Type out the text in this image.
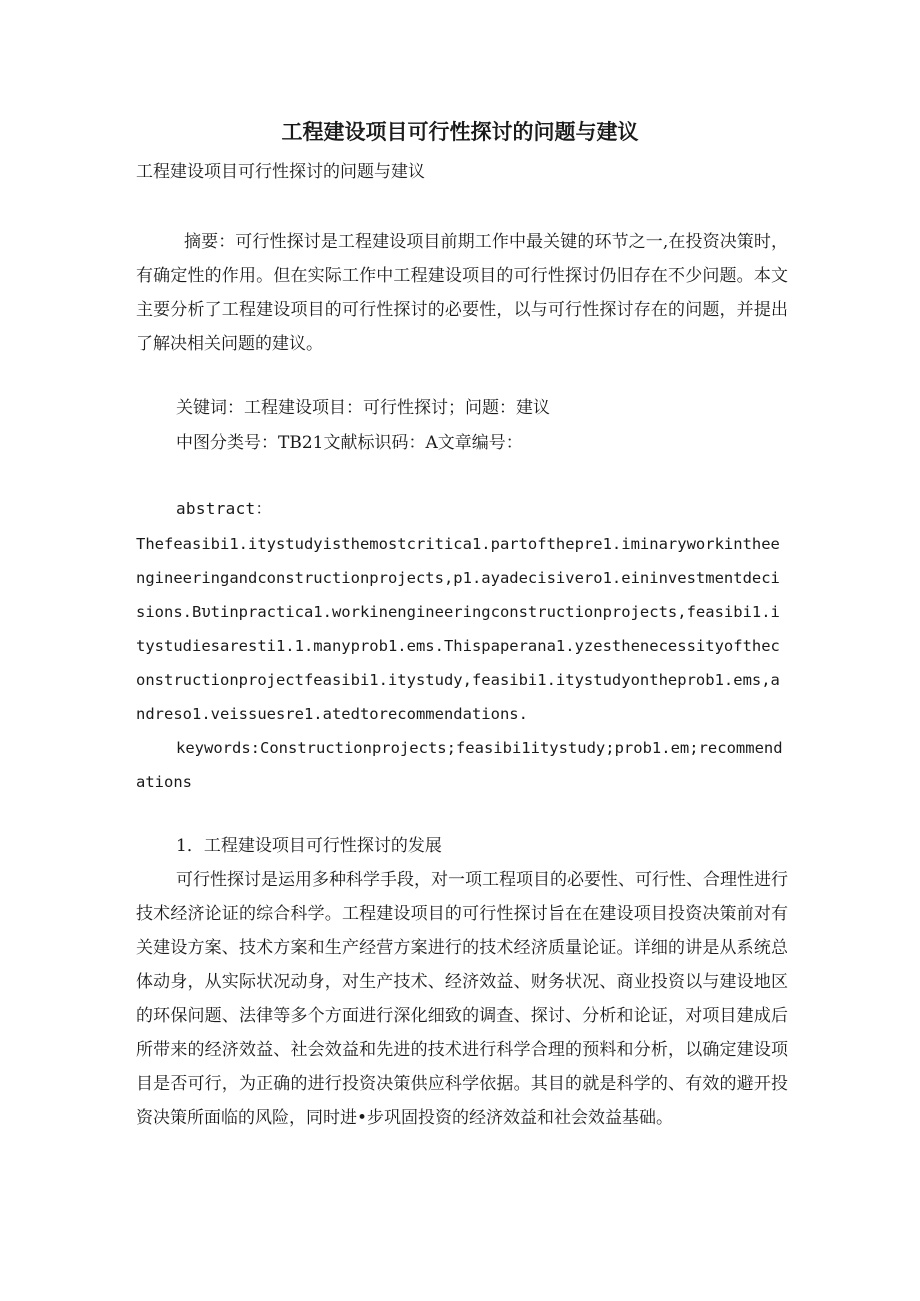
工程建设项目可行性探讨的问题与建议

工程建设项目可行性探讨的问题与建议

摘要：可行性探讨是工程建设项目前期工作中最关键的环节之一,在投资决策时，有确定性的作用。但在实际工作中工程建设项目的可行性探讨仍旧存在不少问题。本文主要分析了工程建设项目的可行性探讨的必要性，以与可行性探讨存在的问题，并提出了解决相关问题的建议。

关键词：工程建设项目：可行性探讨；问题：建议

中图分类号：TB21文献标识码：A文章编号：

abstract：

Thefeasibi1.itystudyisthemostcritica1.partofthepre1.iminaryworkintheengineeringandconstructionprojects,p1.ayadecisivero1.eininvestmentdecisions.Bυtinpractica1.workinengineeringconstructionprojects,feasibi1.itystudiesaresti1.1.manyprob1.ems.Thispaperana1.yzesthenecessityoftheconstructionprojectfeasibi1.itystudy,feasibi1.itystudyontheprob1.ems,andreso1.veissuesre1.atedtorecommendations.

keywords:Constructionprojects;feasibi1itystudy;prob1.em;recommendations

1．工程建设项目可行性探讨的发展

可行性探讨是运用多种科学手段，对一项工程项目的必要性、可行性、合理性进行技术经济论证的综合科学。工程建设项目的可行性探讨旨在在建设项目投资决策前对有关建设方案、技术方案和生产经营方案进行的技术经济质量论证。详细的讲是从系统总体动身，从实际状况动身，对生产技术、经济效益、财务状况、商业投资以与建设地区的环保问题、法律等多个方面进行深化细致的调查、探讨、分析和论证，对项目建成后所带来的经济效益、社会效益和先进的技术进行科学合理的预料和分析，以确定建设项目是否可行，为正确的进行投资决策供应科学依据。其目的就是科学的、有效的避开投资决策所面临的风险，同时进•步巩固投资的经济效益和社会效益基础。
